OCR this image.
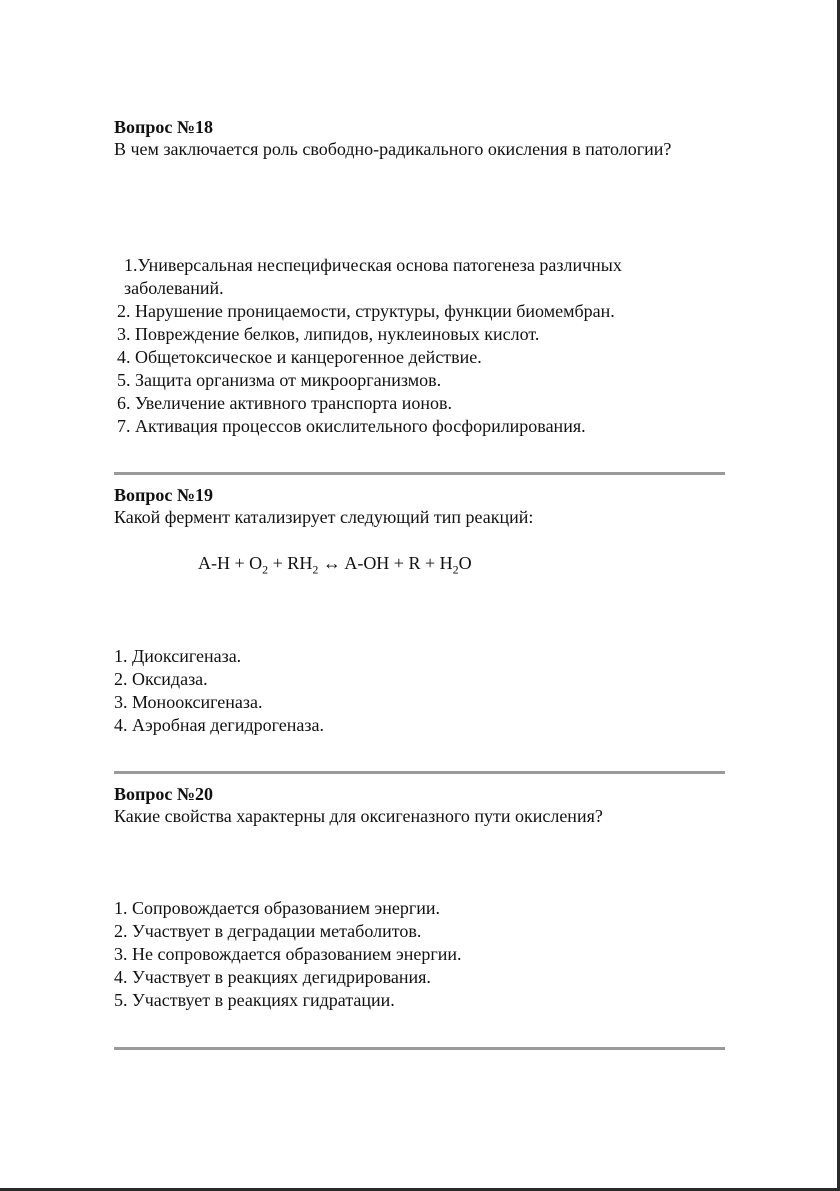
Вопрос №18
В чем заключается роль свободно-радикального окисления в патологии?
1.Универсальная неспецифическая основа патогенеза различных заболеваний.
2. Нарушение проницаемости, структуры, функции биомембран.
3. Повреждение белков, липидов, нуклеиновых кислот.
4. Общетоксическое и канцерогенное действие.
5. Защита организма от микроорганизмов.
6. Увеличение активного транспорта ионов.
7. Активация процессов окислительного фосфорилирования.
Вопрос №19
Какой фермент катализирует следующий тип реакций:
$A-H + O_2 + RH_2$ ↔ $A-OH + R + H_2O$
1. Диоксигеназа.
2. Оксидаза.
3. Монооксигеназа.
4. Аэробная дегидрогеназа.
Вопрос №20
Какие свойства характерны для оксигеназного пути окисления?
1. Сопровождается образованием энергии.
2. Участвует в деградации метаболитов.
3. Не сопровождается образованием энергии.
4. Участвует в реакциях дегидрирования.
5. Участвует в реакциях гидратации.
